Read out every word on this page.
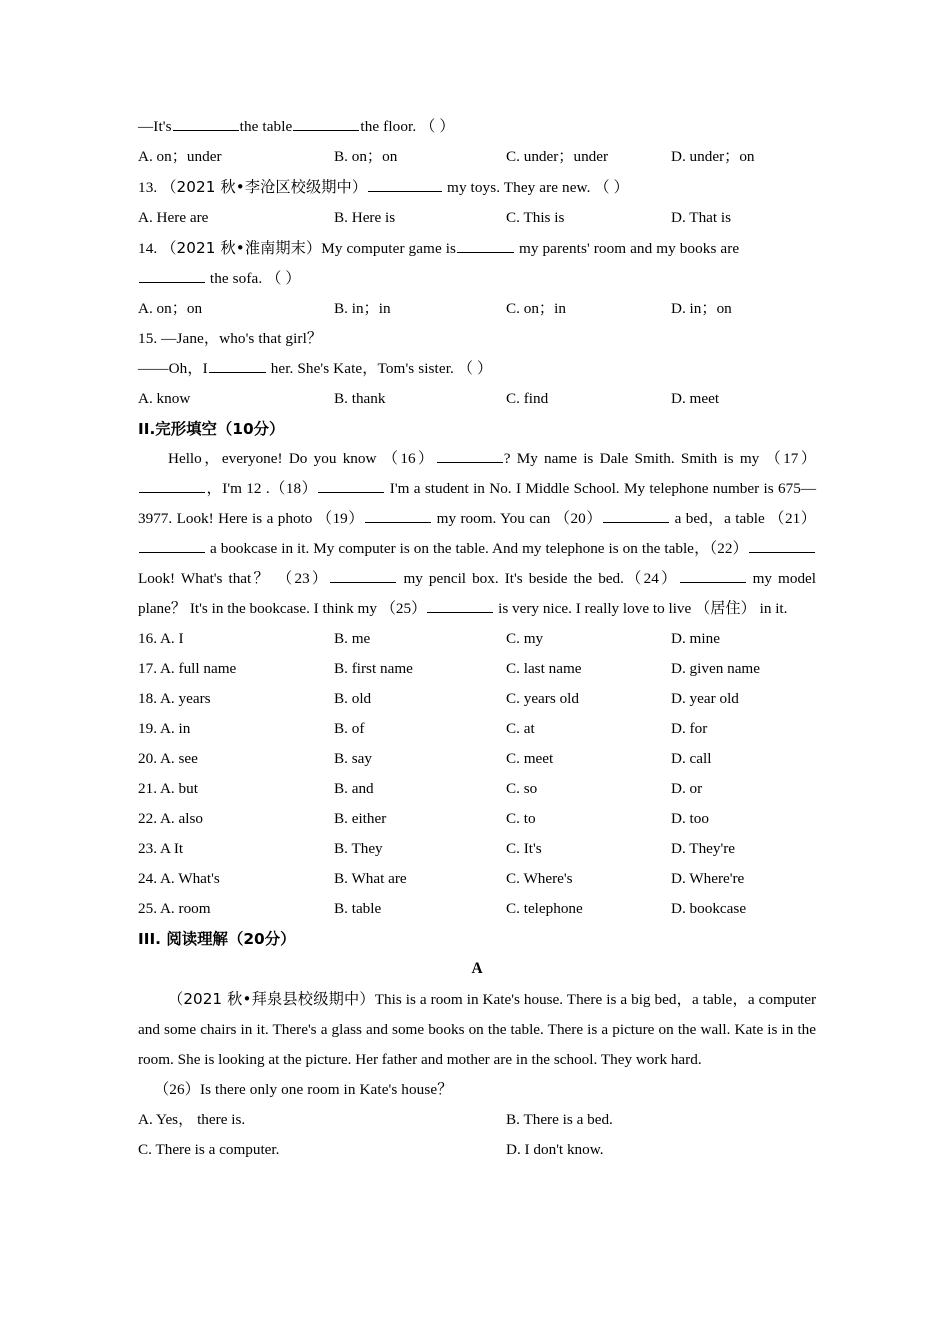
—It's	the table	the floor. （ ）
A. on；under	B. on；on	C. under；under	D. under；on
13. （2021 秋•李沧区校级期中）	my toys. They are new. （ ）
A. Here are	B. Here is	C. This is	D. That is
14. （2021 秋•淮南期末）My computer game is	my parents' room and my books are
the sofa. （ ）
A. on；on	B. in；in	C. on；in	D. in；on
15. —Jane，who's that girl？
——Oh，I	her. She's Kate，Tom's sister. （ ）
A. know	B. thank	C. find	D. meet
II.完形填空（10分）
Hello，everyone! Do you know （16）	? My name is Dale Smith. Smith is my （17），I'm 12 .（18）	I'm a student in No. I Middle School. My telephone number is 675—3977. Look! Here is a photo （19）	my room. You can （20）	a bed，a table （21） a bookcase in it. My computer is on the table. And my telephone is on the table，（22） Look! What's that？ （23）	my pencil box. It's beside the bed.（24）	my model plane？ It's in the bookcase. I think my （25）	is very nice. I really love to live （居住） in it.
16. A. I	B. me	C. my	D. mine
17. A. full name	B. first name	C. last name	D. given name
18. A. years	B. old	C. years old	D. year old
19. A. in	B. of	C. at	D. for
20. A. see	B. say	C. meet	D. call
21. A. but	B. and	C. so	D. or
22. A. also	B. either	C. to	D. too
23. A It	B. They	C. It's	D. They're
24. A. What's	B. What are	C. Where's	D. Where're
25. A. room	B. table	C. telephone	D. bookcase
III. 阅读理解（20分）
A
（2021 秋•拜泉县校级期中）This is a room in Kate's house. There is a big bed，a table，a computer and some chairs in it. There's a glass and some books on the table. There is a picture on the wall. Kate is in the room. She is looking at the picture. Her father and mother are in the school. They work hard.
（26）Is there only one room in Kate's house？
A. Yes， there is.	B. There is a bed.
C. There is a computer.	D. I don't know.
